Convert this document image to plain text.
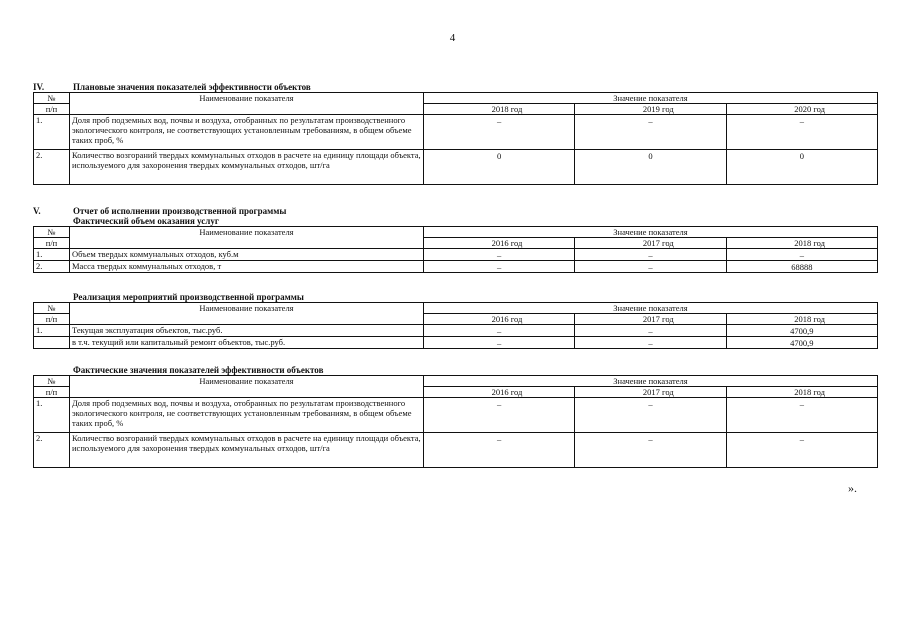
4
IV.	Плановые значения показателей эффективности объектов
№	Наименование показателя	Значение показателя		
п/п		2018 год	2019 год	2020 год
1.	Доля проб подземных вод, почвы и воздуха, отобранных по результатам производственного экологического контроля, не соответствующих установленным требованиям, в общем объеме таких проб, %	–	–	–
2.	Количество возгораний твердых коммунальных отходов в расчете на единицу площади объекта, используемого для захоронения твердых коммунальных отходов, шт/га	0	0	0
V.	Отчет об исполнении производственной программы
Фактический объем оказания услуг
№	Наименование показателя	Значение показателя		
п/п		2016 год	2017 год	2018 год
1.	Объем твердых коммунальных отходов, куб.м	–	–	–
2.	Масса твердых коммунальных отходов, т	–	–	68888
Реализация мероприятий производственной программы
№	Наименование показателя	Значение показателя		
п/п		2016 год	2017 год	2018 год
1.	Текущая эксплуатация объектов, тыс.руб.	–	–	4700,9
	в т.ч. текущий или капитальный ремонт объектов, тыс.руб.	–	–	4700,9
Фактические значения показателей эффективности объектов
№	Наименование показателя	Значение показателя		
п/п		2016 год	2017 год	2018 год
1.	Доля проб подземных вод, почвы и воздуха, отобранных по результатам производственного экологического контроля, не соответствующих установленным требованиям, в общем объеме таких проб, %	–	–	–
2.	Количество возгораний твердых коммунальных отходов в расчете на единицу площади объекта, используемого для захоронения твердых коммунальных отходов, шт/га	–	–	–
».
